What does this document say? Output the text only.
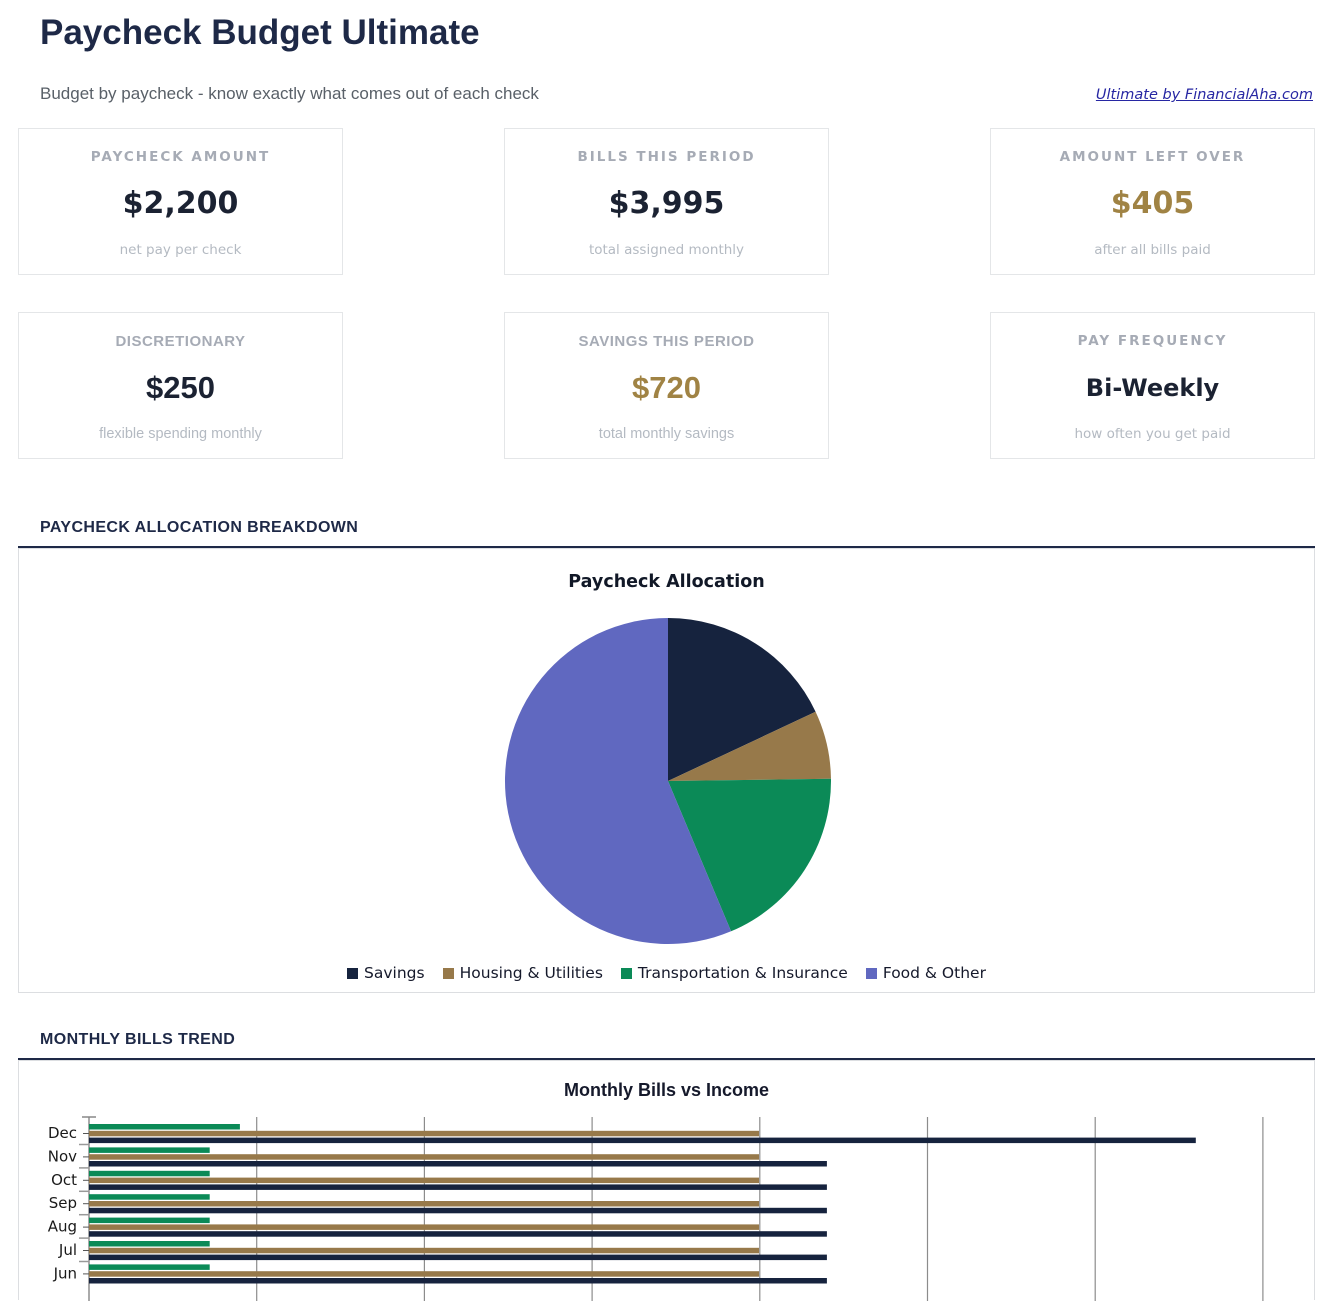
Paycheck Budget Ultimate
Budget by paycheck - know exactly what comes out of each check	Ultimate by FinancialAha.com
PAYCHECK AMOUNT
$2,200
net pay per check
BILLS THIS PERIOD
$3,995
total assigned monthly
AMOUNT LEFT OVER
$405
after all bills paid
DISCRETIONARY
$250
flexible spending monthly
SAVINGS THIS PERIOD
$720
total monthly savings
PAY FREQUENCY
Bi-Weekly
how often you get paid
PAYCHECK ALLOCATION BREAKDOWN
Paycheck Allocation
Savings Housing & Utilities Transportation & Insurance Food & Other
MONTHLY BILLS TREND
Dec
Nov
Oct
Sep
Aug
Jul
Jun
Monthly Bills vs Income
